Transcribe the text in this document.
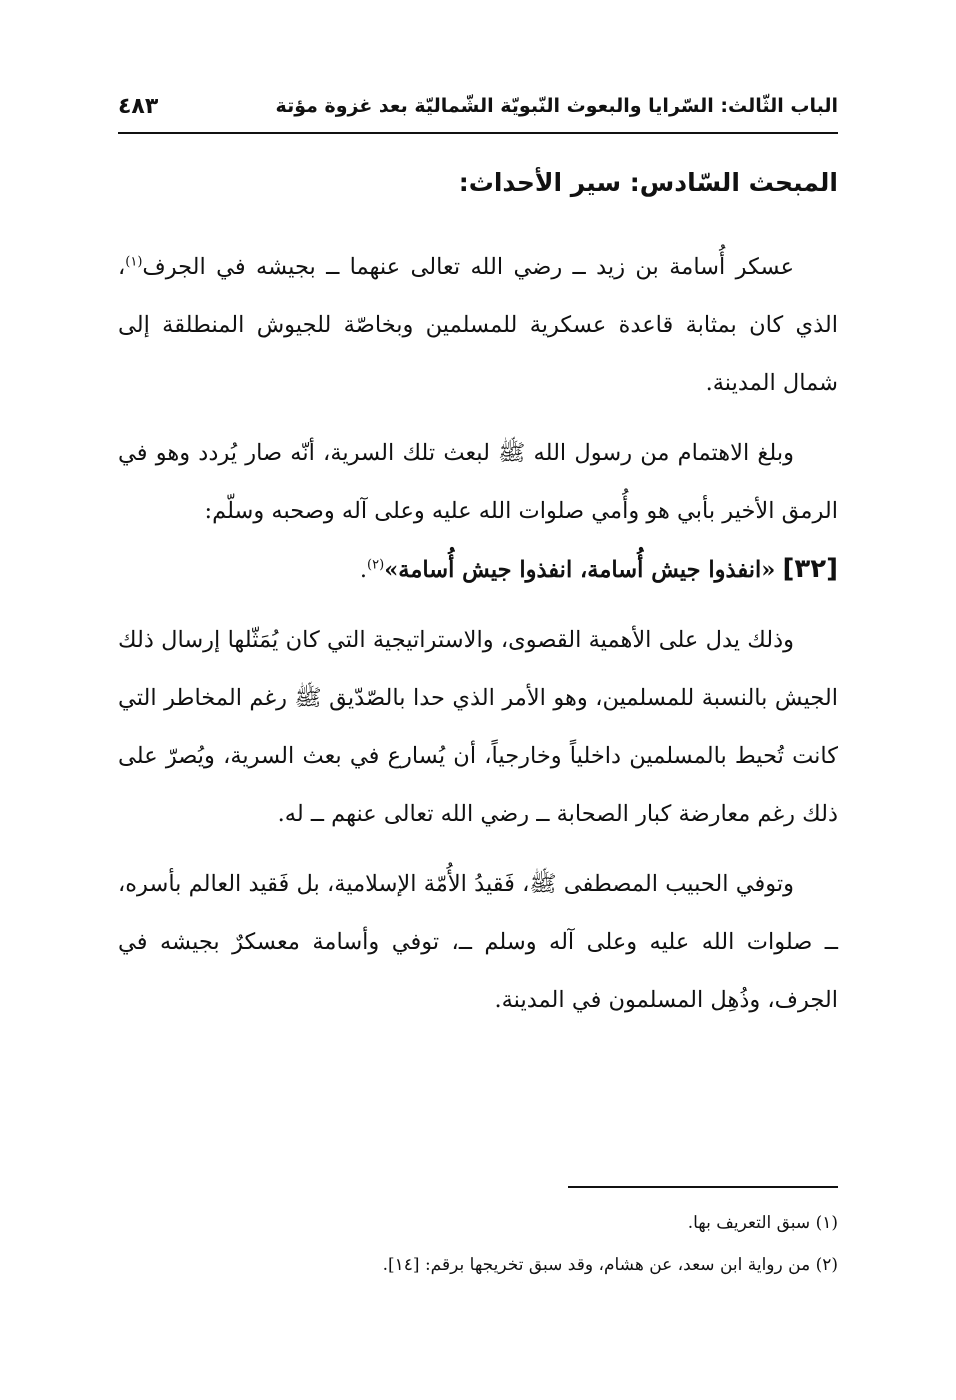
الباب الثّالث: السّرايا والبعوث النّبويّة الشّماليّة بعد غزوة مؤتة
٤٨٣
المبحث السّادس: سير الأحداث:

عسكر أُسامة بن زيد ــ رضي الله تعالى عنهما ــ بجيشه في الجرف$^{(١)}$، الذي كان بمثابة قاعدة عسكرية للمسلمين وبخاصّة للجيوش المنطلقة إلى شمال المدينة.

وبلغ الاهتمام من رسول الله ﷺ لبعث تلك السرية، أنّه صار يُردد وهو في الرمق الأخير بأبي هو وأُمي صلوات الله عليه وعلى آله وصحبه وسلّم:

[٣٢] «انفذوا جيش أُسامة، انفذوا جيش أُسامة»$^{(٢)}$.

وذلك يدل على الأهمية القصوى، والاستراتيجية التي كان يُمَثّلها إرسال ذلك الجيش بالنسبة للمسلمين، وهو الأمر الذي حدا بالصّدّيق ﷺ رغم المخاطر التي كانت تُحيط بالمسلمين داخلياً وخارجياً، أن يُسارع في بعث السرية، ويُصرّ على ذلك رغم معارضة كبار الصحابة ــ رضي الله تعالى عنهم ــ له.

وتوفي الحبيب المصطفى ﷺ، فَقيدُ الأُمّة الإسلامية، بل فَقيد العالم بأسره، ــ صلوات الله عليه وعلى آله وسلم ــ، توفي وأسامة معسكرٌ بجيشه في الجرف، وذُهِل المسلمون في المدينة.

(١) سبق التعريف بها.
(٢) من رواية ابن سعد، عن هشام، وقد سبق تخريجها برقم: [١٤].
